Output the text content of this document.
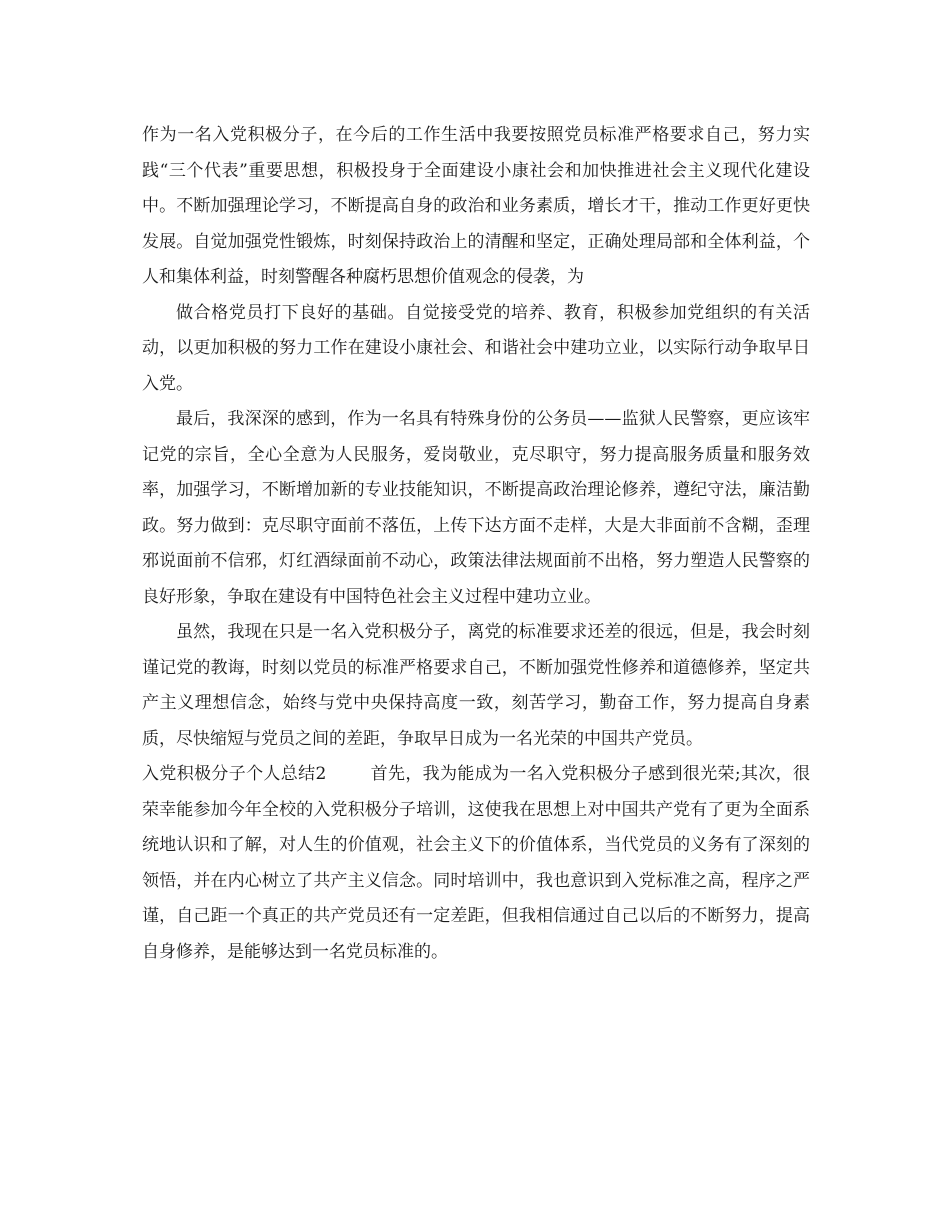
作为一名入党积极分子，在今后的工作生活中我要按照党员标准严格要求自己，努力实践“三个代表”重要思想，积极投身于全面建设小康社会和加快推进社会主义现代化建设中。不断加强理论学习，不断提高自身的政治和业务素质，增长才干，推动工作更好更快发展。自觉加强党性锻炼，时刻保持政治上的清醒和坚定，正确处理局部和全体利益，个人和集体利益，时刻警醒各种腐朽思想价值观念的侵袭，为

做合格党员打下良好的基础。自觉接受党的培养、教育，积极参加党组织的有关活动，以更加积极的努力工作在建设小康社会、和谐社会中建功立业，以实际行动争取早日入党。

最后，我深深的感到，作为一名具有特殊身份的公务员——监狱人民警察，更应该牢记党的宗旨，全心全意为人民服务，爱岗敬业，克尽职守，努力提高服务质量和服务效率，加强学习，不断增加新的专业技能知识，不断提高政治理论修养，遵纪守法，廉洁勤政。努力做到：克尽职守面前不落伍，上传下达方面不走样，大是大非面前不含糊，歪理邪说面前不信邪，灯红酒绿面前不动心，政策法律法规面前不出格，努力塑造人民警察的良好形象，争取在建设有中国特色社会主义过程中建功立业。

虽然，我现在只是一名入党积极分子，离党的标准要求还差的很远，但是，我会时刻谨记党的教诲，时刻以党员的标准严格要求自己，不断加强党性修养和道德修养，坚定共产主义理想信念，始终与党中央保持高度一致，刻苦学习，勤奋工作，努力提高自身素质，尽快缩短与党员之间的差距，争取早日成为一名光荣的中国共产党员。

入党积极分子个人总结2	首先，我为能成为一名入党积极分子感到很光荣;其次，很荣幸能参加今年全校的入党积极分子培训，这使我在思想上对中国共产党有了更为全面系统地认识和了解，对人生的价值观，社会主义下的价值体系，当代党员的义务有了深刻的领悟，并在内心树立了共产主义信念。同时培训中，我也意识到入党标准之高，程序之严谨，自己距一个真正的共产党员还有一定差距，但我相信通过自己以后的不断努力，提高自身修养，是能够达到一名党员标准的。
